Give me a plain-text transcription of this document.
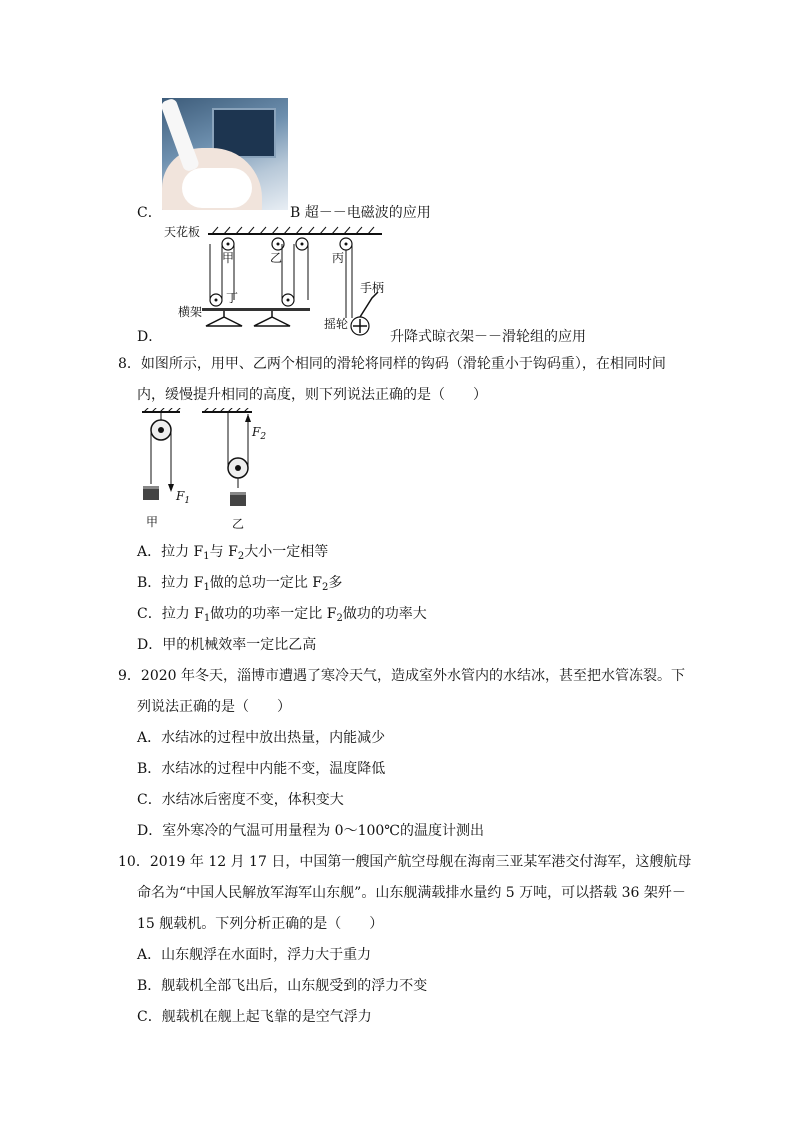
C．	B 超－－电磁波的应用
天花板
甲	乙	丙
丁
手柄
横架
摇轮
D．	升降式晾衣架－－滑轮组的应用
8．如图所示，用甲、乙两个相同的滑轮将同样的钩码（滑轮重小于钩码重），在相同时间
内，缓慢提升相同的高度，则下列说法正确的是（　　）
$F_1$
$F_2$
甲	乙
A．拉力 $F_1$与 $F_2$大小一定相等
B．拉力 $F_1$做的总功一定比 $F_2$多
C．拉力 $F_1$做功的功率一定比 $F_2$做功的功率大
D．甲的机械效率一定比乙高
9．2020 年冬天，淄博市遭遇了寒冷天气，造成室外水管内的水结冰，甚至把水管冻裂。下
列说法正确的是（　　）
A．水结冰的过程中放出热量，内能减少
B．水结冰的过程中内能不变，温度降低
C．水结冰后密度不变，体积变大
D．室外寒冷的气温可用量程为 0～100℃的温度计测出
10．2019 年 12 月 17 日，中国第一艘国产航空母舰在海南三亚某军港交付海军，这艘航母
命名为“中国人民解放军海军山东舰”。山东舰满载排水量约 5 万吨，可以搭载 36 架歼－
15 舰载机。下列分析正确的是（　　）
A．山东舰浮在水面时，浮力大于重力
B．舰载机全部飞出后，山东舰受到的浮力不变
C．舰载机在舰上起飞靠的是空气浮力
